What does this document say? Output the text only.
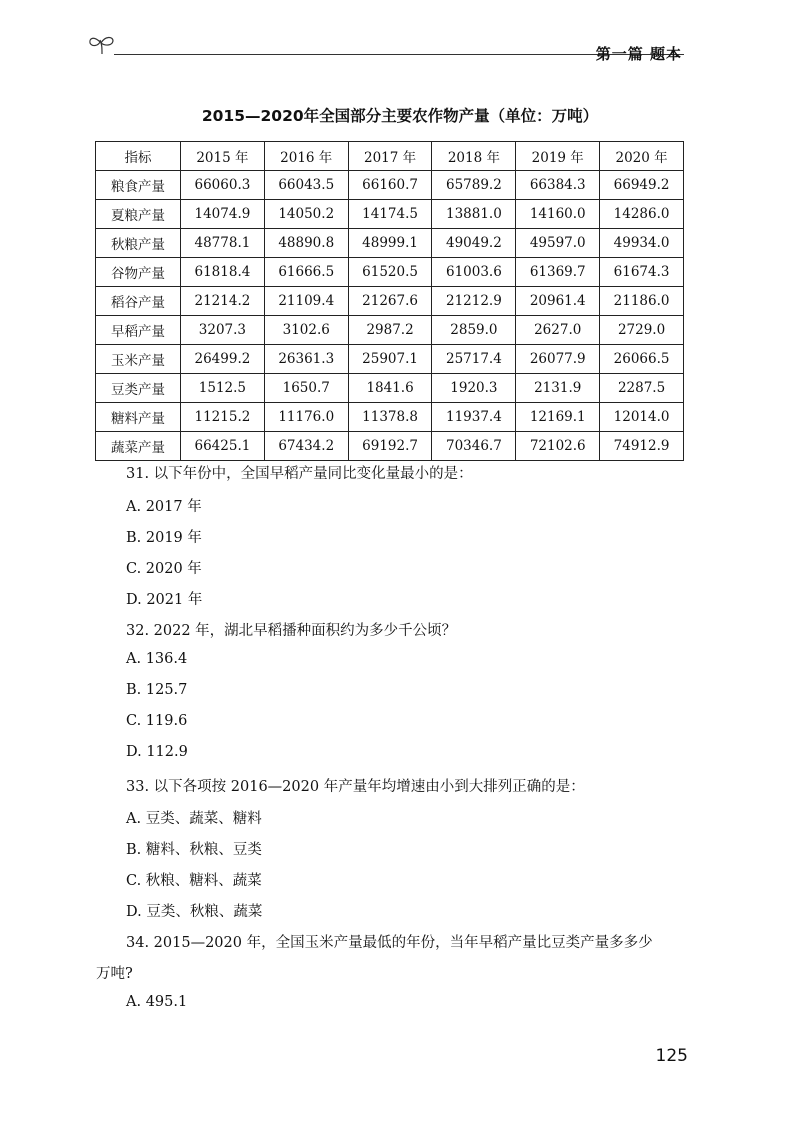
第一篇 题本
2015—2020年全国部分主要农作物产量（单位：万吨）
指标	2015 年	2016 年	2017 年	2018 年	2019 年	2020 年
粮食产量	66060.3	66043.5	66160.7	65789.2	66384.3	66949.2
夏粮产量	14074.9	14050.2	14174.5	13881.0	14160.0	14286.0
秋粮产量	48778.1	48890.8	48999.1	49049.2	49597.0	49934.0
谷物产量	61818.4	61666.5	61520.5	61003.6	61369.7	61674.3
稻谷产量	21214.2	21109.4	21267.6	21212.9	20961.4	21186.0
早稻产量	3207.3	3102.6	2987.2	2859.0	2627.0	2729.0
玉米产量	26499.2	26361.3	25907.1	25717.4	26077.9	26066.5
豆类产量	1512.5	1650.7	1841.6	1920.3	2131.9	2287.5
糖料产量	11215.2	11176.0	11378.8	11937.4	12169.1	12014.0
蔬菜产量	66425.1	67434.2	69192.7	70346.7	72102.6	74912.9
31. 以下年份中，全国早稻产量同比变化量最小的是：
A. 2017 年
B. 2019 年
C. 2020 年
D. 2021 年
32. 2022 年，湖北早稻播种面积约为多少千公顷？
A. 136.4
B. 125.7
C. 119.6
D. 112.9
33. 以下各项按 2016—2020 年产量年均增速由小到大排列正确的是：
A. 豆类、蔬菜、糖料
B. 糖料、秋粮、豆类
C. 秋粮、糖料、蔬菜
D. 豆类、秋粮、蔬菜
34. 2015—2020 年，全国玉米产量最低的年份，当年早稻产量比豆类产量多多少
万吨?
A. 495.1
125
